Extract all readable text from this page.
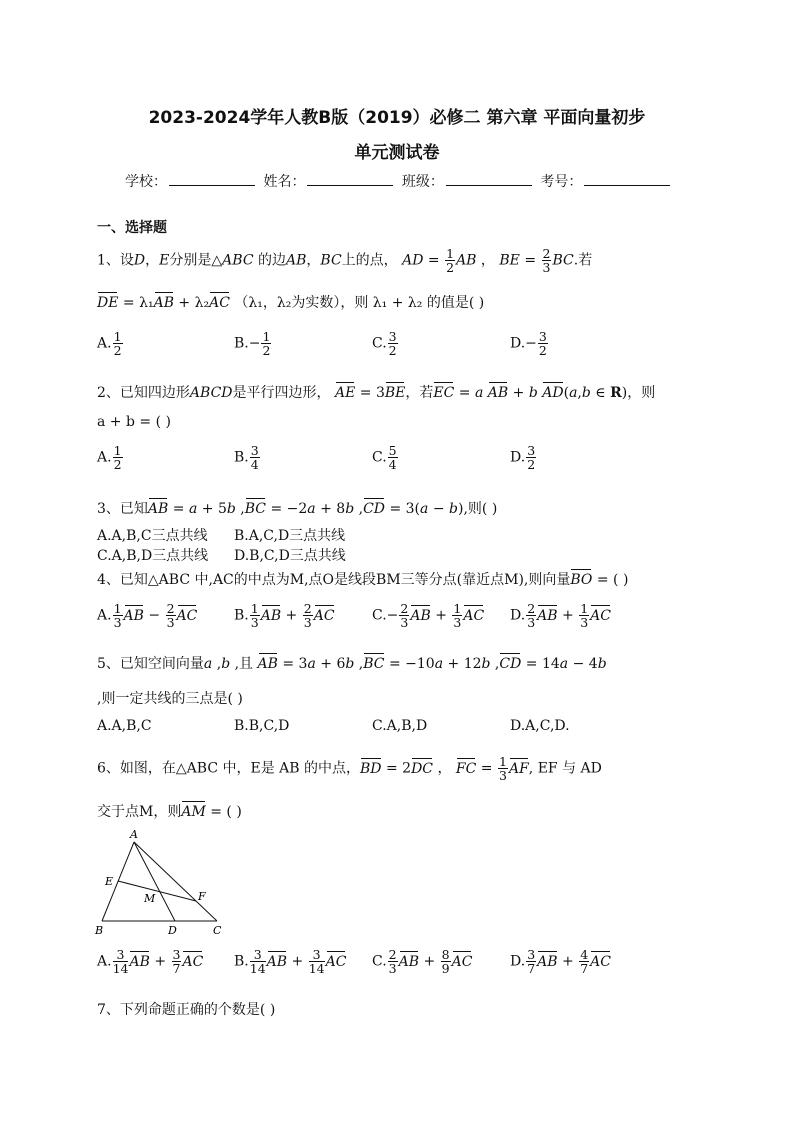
2023-2024学年人教B版（2019）必修二 第六章 平面向量初步
单元测试卷
学校：	姓名：	班级：	考号：
一、选择题
1、设D，E分别是△ABC 的边AB，BC上的点， AD = $\frac{1}{2}$ AB ， BE = $\frac{2}{3}$ BC.若
DE = λ₁AB + λ₂AC （λ₁，λ₂为实数），则 λ₁ + λ₂ 的值是( )
A. $\frac{1}{2}$	$B.- \frac{1}{2}$	C. $\frac{3}{2}$	$D.- \frac{3}{2}$
2、已知四边形ABCD是平行四边形， AE = 3BE，若EC = a AB + b AD(a,b ∈ R)，则
a + b = ( )
A. $\frac{1}{2}$	B. $\frac{3}{4}$	C. $\frac{5}{4}$	D. $\frac{3}{2}$
3、已知AB = a + 5b ,BC = −2a + 8b ,CD = 3(a − b),则( )
A.A,B,C三点共线 B.A,C,D三点共线
C.A,B,D三点共线 D.B,C,D三点共线
4、已知△ABC 中,AC的中点为M,点O是线段BM三等分点(靠近点M),则向量BO = ( )
A. $\frac{1}{3}$ AB − $\frac{2}{3}$ AC	B. $\frac{1}{3}$ AB + $\frac{2}{3}$ AC	$C.- \frac{2}{3}$ AB + $\frac{1}{3}$ AC D. $\frac{2}{3}$ AB + $\frac{1}{3}$ AC
5、已知空间向量a ,b ,且 AB = 3a + 6b ,BC = −10a + 12b ,CD = 14a − 4b
,则一定共线的三点是( )
A.A,B,C	B.B,C,D	C.A,B,D	D.A,C,D.
6、如图，在△ABC 中，E是 AB 的中点，BD = 2DC ， FC = $\frac{1}{3}$ AF, EF 与 AD
交于点M，则AM = ( )
A
B	C
D
E
F
M
A. $\frac{3}{14}$ AB + $\frac{3}{7}$ AC B. $\frac{3}{14}$ AB + $\frac{3}{14}$ AC C. $\frac{2}{3}$ AB + $\frac{8}{9}$ AC	D. $\frac{3}{7}$ AB + $\frac{4}{7}$ AC
7、下列命题正确的个数是( )
